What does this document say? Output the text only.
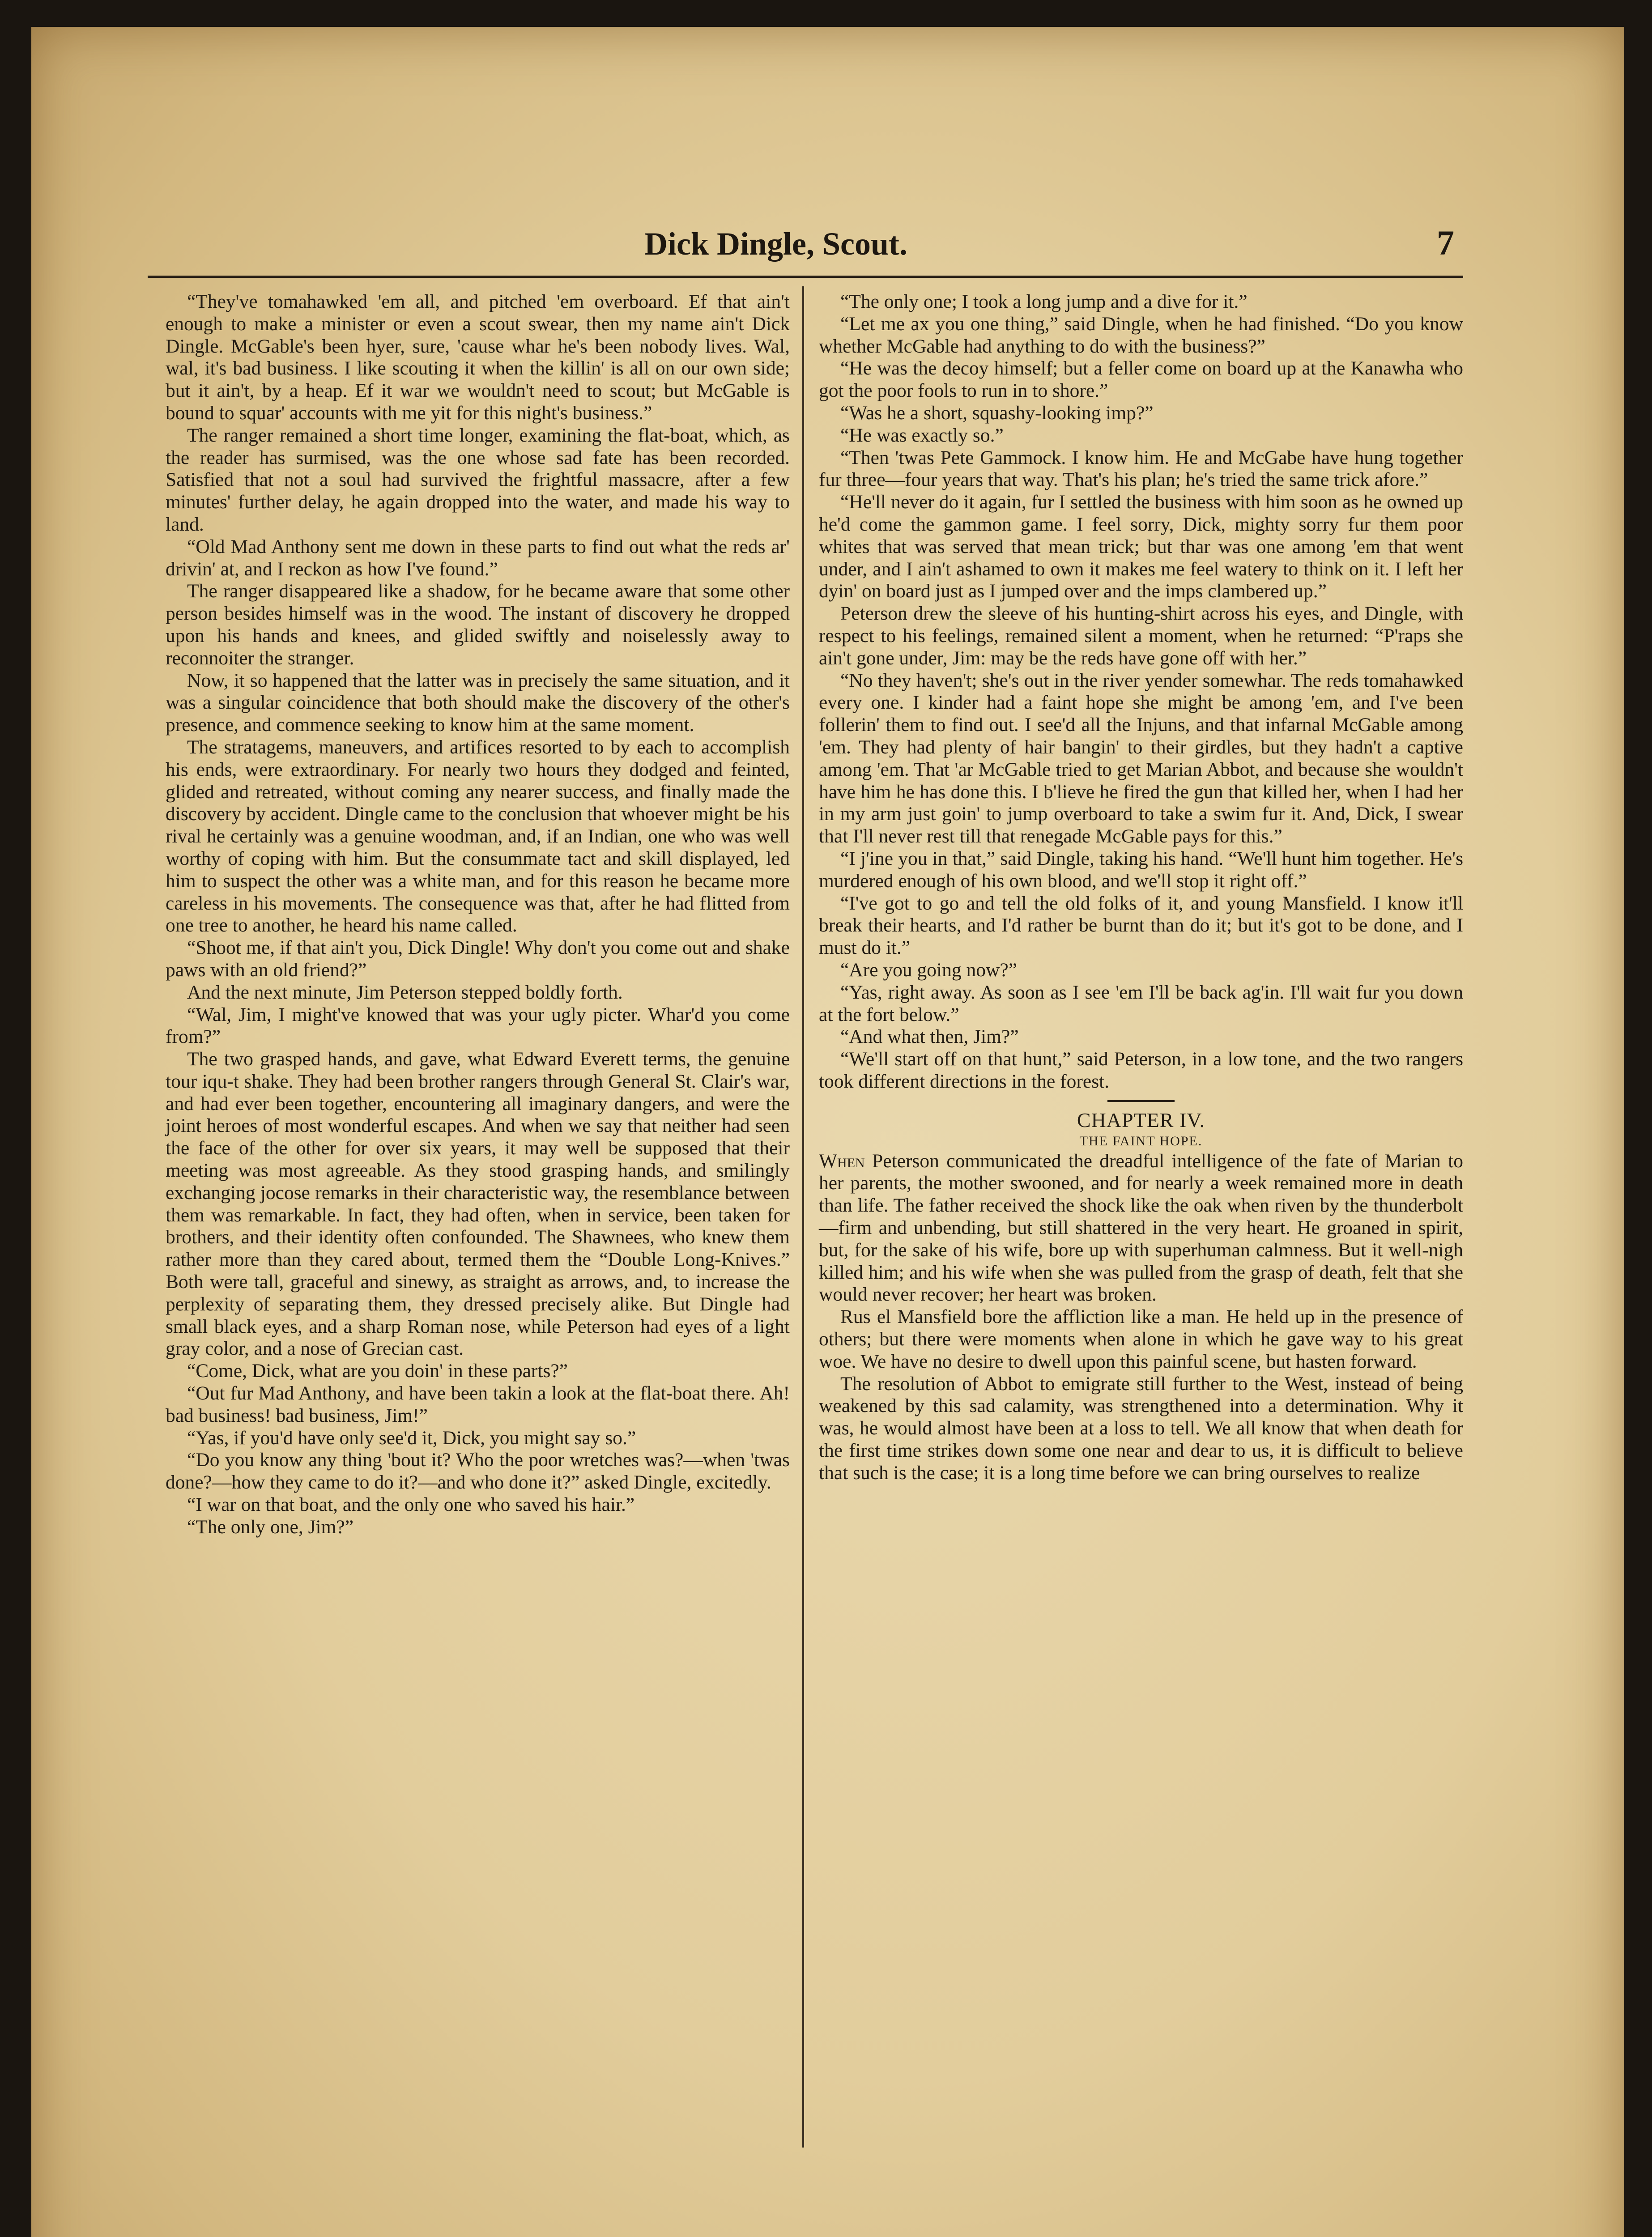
Dick Dingle, Scout.	7

“They've tomahawked 'em all, and pitched 'em overboard. Ef that ain't enough to make a minister or even a scout swear, then my name ain't Dick Dingle. McGable's been hyer, sure, 'cause whar he's been nobody lives. Wal, wal, it's bad business. I like scouting it when the killin' is all on our own side; but it ain't, by a heap. Ef it war we wouldn't need to scout; but McGable is bound to squar' accounts with me yit for this night's business.”

The ranger remained a short time longer, examining the flat-boat, which, as the reader has surmised, was the one whose sad fate has been recorded. Satisfied that not a soul had survived the frightful massacre, after a few minutes' further delay, he again dropped into the water, and made his way to land.

“Old Mad Anthony sent me down in these parts to find out what the reds ar' drivin' at, and I reckon as how I've found.”

The ranger disappeared like a shadow, for he became aware that some other person besides himself was in the wood. The instant of discovery he dropped upon his hands and knees, and glided swiftly and noiselessly away to reconnoiter the stranger.

Now, it so happened that the latter was in precisely the same situation, and it was a singular coincidence that both should make the discovery of the other's presence, and commence seeking to know him at the same moment.

The stratagems, maneuvers, and artifices resorted to by each to accomplish his ends, were extraordinary. For nearly two hours they dodged and feinted, glided and retreated, without coming any nearer success, and finally made the discovery by accident. Dingle came to the conclusion that whoever might be his rival he certainly was a genuine woodman, and, if an Indian, one who was well worthy of coping with him. But the consummate tact and skill displayed, led him to suspect the other was a white man, and for this reason he became more careless in his movements. The consequence was that, after he had flitted from one tree to another, he heard his name called.

“Shoot me, if that ain't you, Dick Dingle! Why don't you come out and shake paws with an old friend?”

And the next minute, Jim Peterson stepped boldly forth.

“Wal, Jim, I might've knowed that was your ugly picter. Whar'd you come from?”

The two grasped hands, and gave, what Edward Everett terms, the genuine tour iqu-t shake. They had been brother rangers through General St. Clair's war, and had ever been together, encountering all imaginary dangers, and were the joint heroes of most wonderful escapes. And when we say that neither had seen the face of the other for over six years, it may well be supposed that their meeting was most agreeable. As they stood grasping hands, and smilingly exchanging jocose remarks in their characteristic way, the resemblance between them was remarkable. In fact, they had often, when in service, been taken for brothers, and their identity often confounded. The Shawnees, who knew them rather more than they cared about, termed them the “Double Long-Knives.” Both were tall, graceful and sinewy, as straight as arrows, and, to increase the perplexity of separating them, they dressed precisely alike. But Dingle had small black eyes, and a sharp Roman nose, while Peterson had eyes of a light gray color, and a nose of Grecian cast.

“Come, Dick, what are you doin' in these parts?”

“Out fur Mad Anthony, and have been takin a look at the flat-boat there. Ah! bad business! bad business, Jim!”

“Yas, if you'd have only see'd it, Dick, you might say so.”

“Do you know any thing 'bout it? Who the poor wretches was?—when 'twas done?—how they came to do it?—and who done it?” asked Dingle, excitedly.

“I war on that boat, and the only one who saved his hair.”

“The only one, Jim?”

“The only one; I took a long jump and a dive for it.”

“Let me ax you one thing,” said Dingle, when he had finished. “Do you know whether McGable had anything to do with the business?”

“He was the decoy himself; but a feller come on board up at the Kanawha who got the poor fools to run in to shore.”

“Was he a short, squashy-looking imp?”

“He was exactly so.”

“Then 'twas Pete Gammock. I know him. He and McGabe have hung together fur three—four years that way. That's his plan; he's tried the same trick afore.”

“He'll never do it again, fur I settled the business with him soon as he owned up he'd come the gammon game. I feel sorry, Dick, mighty sorry fur them poor whites that was served that mean trick; but thar was one among 'em that went under, and I ain't ashamed to own it makes me feel watery to think on it. I left her dyin' on board just as I jumped over and the imps clambered up.”

Peterson drew the sleeve of his hunting-shirt across his eyes, and Dingle, with respect to his feelings, remained silent a moment, when he returned: “P'raps she ain't gone under, Jim: may be the reds have gone off with her.”

“No they haven't; she's out in the river yender somewhar. The reds tomahawked every one. I kinder had a faint hope she might be among 'em, and I've been follerin' them to find out. I see'd all the Injuns, and that infarnal McGable among 'em. They had plenty of hair bangin' to their girdles, but they hadn't a captive among 'em. That 'ar McGable tried to get Marian Abbot, and because she wouldn't have him he has done this. I b'lieve he fired the gun that killed her, when I had her in my arm just goin' to jump overboard to take a swim fur it. And, Dick, I swear that I'll never rest till that renegade McGable pays for this.”

“I j'ine you in that,” said Dingle, taking his hand. “We'll hunt him together. He's murdered enough of his own blood, and we'll stop it right off.”

“I've got to go and tell the old folks of it, and young Mansfield. I know it'll break their hearts, and I'd rather be burnt than do it; but it's got to be done, and I must do it.”

“Are you going now?”

“Yas, right away. As soon as I see 'em I'll be back ag'in. I'll wait fur you down at the fort below.”

“And what then, Jim?”

“We'll start off on that hunt,” said Peterson, in a low tone, and the two rangers took different directions in the forest.

CHAPTER IV.

THE FAINT HOPE.

When Peterson communicated the dreadful intelligence of the fate of Marian to her parents, the mother swooned, and for nearly a week remained more in death than life. The father received the shock like the oak when riven by the thunderbolt—firm and unbending, but still shattered in the very heart. He groaned in spirit, but, for the sake of his wife, bore up with superhuman calmness. But it well-nigh killed him; and his wife when she was pulled from the grasp of death, felt that she would never recover; her heart was broken.

Rus el Mansfield bore the affliction like a man. He held up in the presence of others; but there were moments when alone in which he gave way to his great woe. We have no desire to dwell upon this painful scene, but hasten forward.

The resolution of Abbot to emigrate still further to the West, instead of being weakened by this sad calamity, was strengthened into a determination. Why it was, he would almost have been at a loss to tell. We all know that when death for the first time strikes down some one near and dear to us, it is difficult to believe that such is the case; it is a long time before we can bring ourselves to realize
